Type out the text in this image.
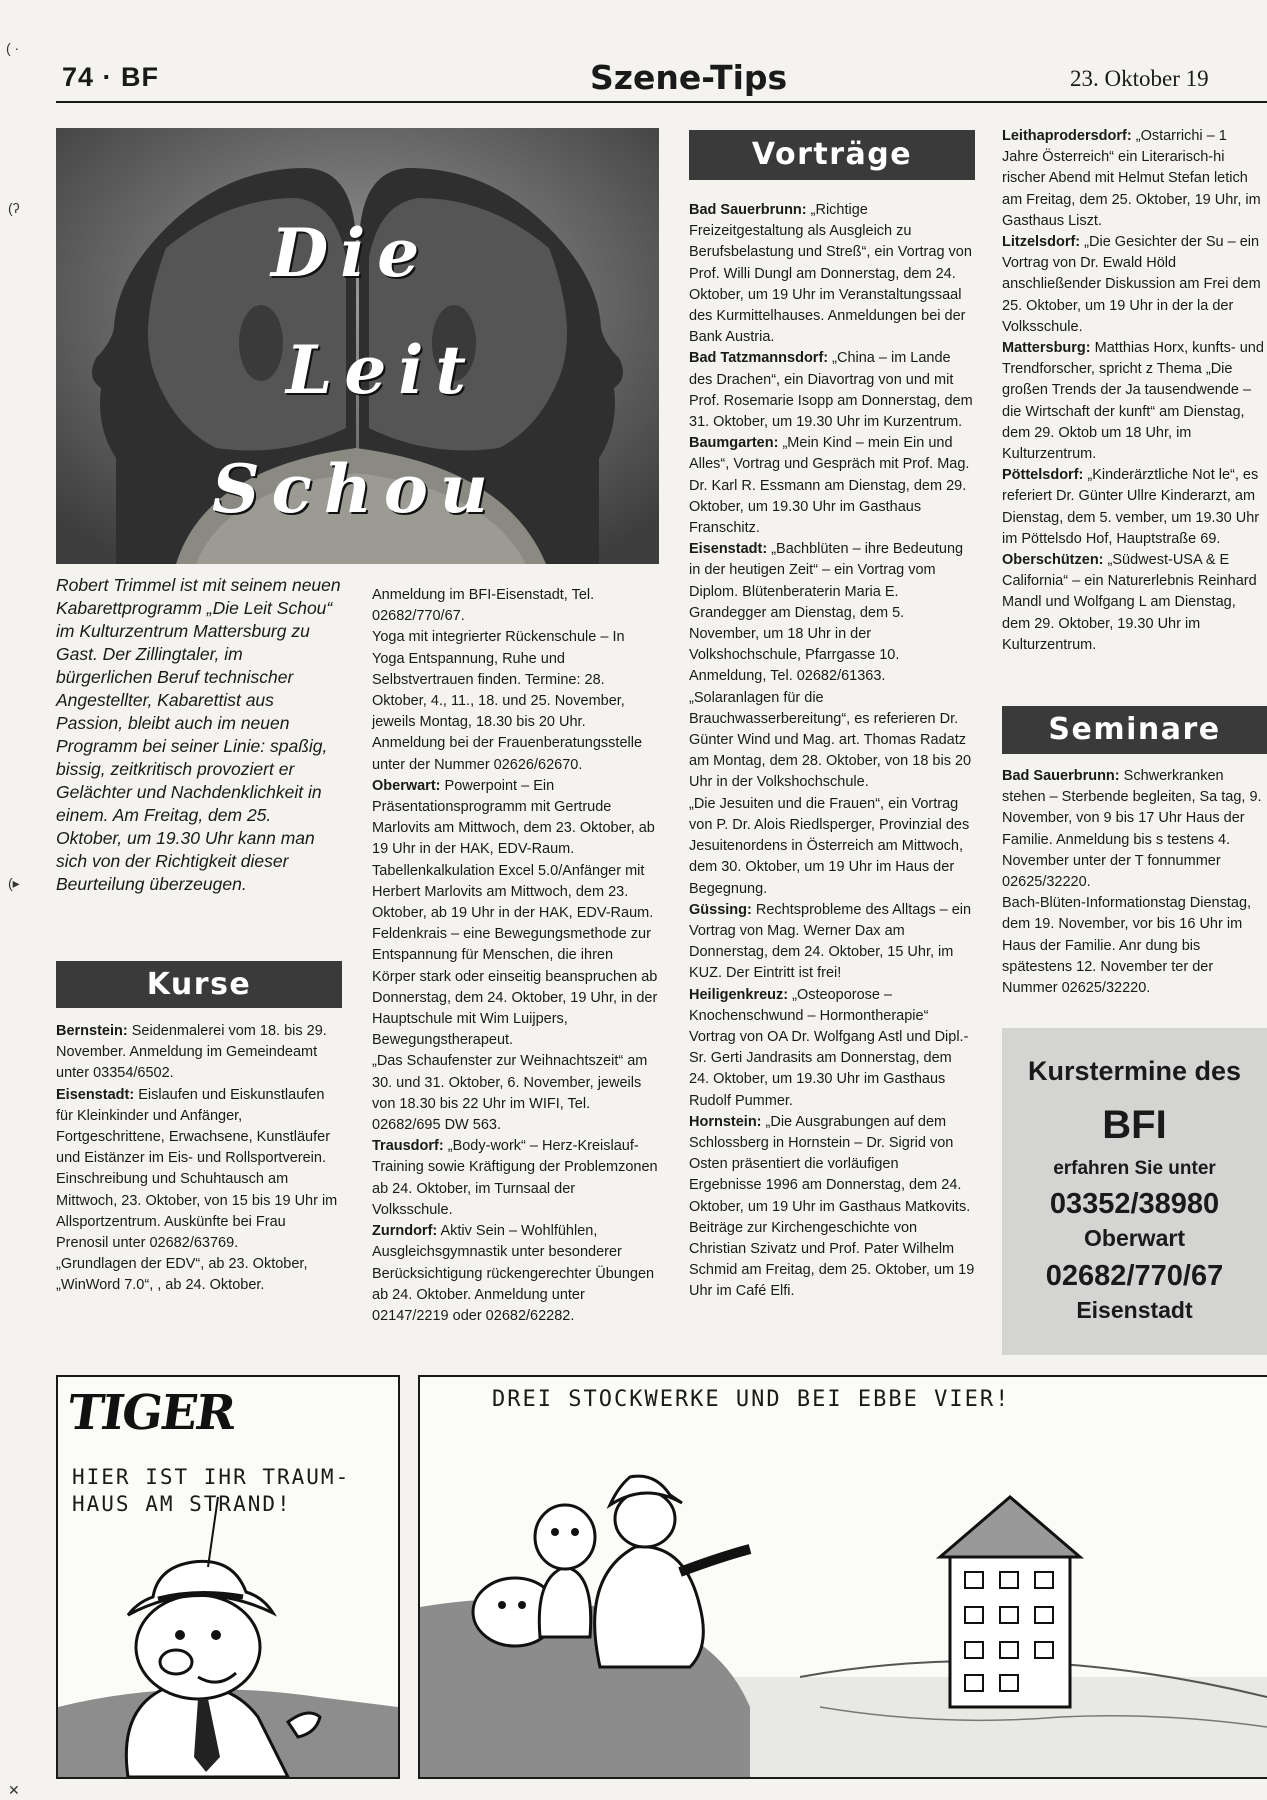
74 · BF	Szene-Tips	23. Oktober 19
Die
Leit
Schou
Robert Trimmel ist mit seinem neuen Kabarettprogramm „Die Leit Schou“ im Kulturzentrum Mattersburg zu Gast. Der Zillingtaler, im bürgerlichen Beruf technischer Angestellter, Kabarettist aus Passion, bleibt auch im neuen Programm bei seiner Linie: spaßig, bissig, zeitkritisch provoziert er Gelächter und Nachdenklichkeit in einem. Am Freitag, dem 25. Oktober, um 19.30 Uhr kann man sich von der Richtigkeit dieser Beurteilung überzeugen.
Kurse

Bernstein: Seidenmalerei vom 18. bis 29. November. Anmeldung im Gemeindeamt unter 03354/6502.

Eisenstadt: Eislaufen und Eiskunstlaufen für Kleinkinder und Anfänger, Fortgeschrittene, Erwachsene, Kunstläufer und Eistänzer im Eis- und Rollsportverein. Einschreibung und Schuhtausch am Mittwoch, 23. Oktober, von 15 bis 19 Uhr im Allsportzentrum. Auskünfte bei Frau Prenosil unter 02682/63769.

„Grundlagen der EDV“, ab 23. Oktober, „WinWord 7.0“, , ab 24. Oktober.

Anmeldung im BFI-Eisenstadt, Tel. 02682/770/67.

Yoga mit integrierter Rückenschule – In Yoga Entspannung, Ruhe und Selbstvertrauen finden. Termine: 28. Oktober, 4., 11., 18. und 25. November, jeweils Montag, 18.30 bis 20 Uhr. Anmeldung bei der Frauenberatungsstelle unter der Nummer 02626/62670.

Oberwart: Powerpoint – Ein Präsentationsprogramm mit Gertrude Marlovits am Mittwoch, dem 23. Oktober, ab 19 Uhr in der HAK, EDV-Raum.

Tabellenkalkulation Excel 5.0/Anfänger mit Herbert Marlovits am Mittwoch, dem 23. Oktober, ab 19 Uhr in der HAK, EDV-Raum.

Feldenkrais – eine Bewegungsmethode zur Entspannung für Menschen, die ihren Körper stark oder einseitig beanspruchen ab Donnerstag, dem 24. Oktober, 19 Uhr, in der Hauptschule mit Wim Luijpers, Bewegungstherapeut.

„Das Schaufenster zur Weihnachtszeit“ am 30. und 31. Oktober, 6. November, jeweils von 18.30 bis 22 Uhr im WIFI, Tel. 02682/695 DW 563.

Trausdorf: „Body-work“ – Herz-Kreislauf-Training sowie Kräftigung der Problemzonen ab 24. Oktober, im Turnsaal der Volksschule.

Zurndorf: Aktiv Sein – Wohlfühlen, Ausgleichsgymnastik unter besonderer Berücksichtigung rückengerechter Übungen ab 24. Oktober. Anmeldung unter 02147/2219 oder 02682/62282.

Vorträge

Bad Sauerbrunn: „Richtige Freizeitgestaltung als Ausgleich zu Berufsbelastung und Streß“, ein Vortrag von Prof. Willi Dungl am Donnerstag, dem 24. Oktober, um 19 Uhr im Veranstaltungssaal des Kurmittelhauses. Anmeldungen bei der Bank Austria.

Bad Tatzmannsdorf: „China – im Lande des Drachen“, ein Diavortrag von und mit Prof. Rosemarie Isopp am Donnerstag, dem 31. Oktober, um 19.30 Uhr im Kurzentrum.

Baumgarten: „Mein Kind – mein Ein und Alles“, Vortrag und Gespräch mit Prof. Mag. Dr. Karl R. Essmann am Dienstag, dem 29. Oktober, um 19.30 Uhr im Gasthaus Franschitz.

Eisenstadt: „Bachblüten – ihre Bedeutung in der heutigen Zeit“ – ein Vortrag vom Diplom. Blütenberaterin Maria E. Grandegger am Dienstag, dem 5. November, um 18 Uhr in der Volkshochschule, Pfarrgasse 10. Anmeldung, Tel. 02682/61363.

„Solaranlagen für die Brauchwasserbereitung“, es referieren Dr. Günter Wind und Mag. art. Thomas Radatz am Montag, dem 28. Oktober, von 18 bis 20 Uhr in der Volkshochschule.

„Die Jesuiten und die Frauen“, ein Vortrag von P. Dr. Alois Riedlsperger, Provinzial des Jesuitenordens in Österreich am Mittwoch, dem 30. Oktober, um 19 Uhr im Haus der Begegnung.

Güssing: Rechtsprobleme des Alltags – ein Vortrag von Mag. Werner Dax am Donnerstag, dem 24. Oktober, 15 Uhr, im KUZ. Der Eintritt ist frei!

Heiligenkreuz: „Osteoporose – Knochenschwund – Hormontherapie“ Vortrag von OA Dr. Wolfgang Astl und Dipl.-Sr. Gerti Jandrasits am Donnerstag, dem 24. Oktober, um 19.30 Uhr im Gasthaus Rudolf Pummer.

Hornstein: „Die Ausgrabungen auf dem Schlossberg in Hornstein – Dr. Sigrid von Osten präsentiert die vorläufigen Ergebnisse 1996 am Donnerstag, dem 24. Oktober, um 19 Uhr im Gasthaus Matkovits.

Beiträge zur Kirchengeschichte von Christian Szivatz und Prof. Pater Wilhelm Schmid am Freitag, dem 25. Oktober, um 19 Uhr im Café Elfi.

Leithaprodersdorf: „Ostarrichi – 1 Jahre Österreich“ ein Literarisch-hi rischer Abend mit Helmut Stefan letich am Freitag, dem 25. Oktober, 19 Uhr, im Gasthaus Liszt.

Litzelsdorf: „Die Gesichter der Su – ein Vortrag von Dr. Ewald Höld anschließender Diskussion am Frei dem 25. Oktober, um 19 Uhr in der la der Volksschule.

Mattersburg: Matthias Horx, kunfts- und Trendforscher, spricht z Thema „Die großen Trends der Ja tausendwende – die Wirtschaft der kunft“ am Dienstag, dem 29. Oktob um 18 Uhr, im Kulturzentrum.

Pöttelsdorf: „Kinderärztliche Not le“, es referiert Dr. Günter Ullre Kinderarzt, am Dienstag, dem 5. vember, um 19.30 Uhr im Pöttelsdo Hof, Hauptstraße 69.

Oberschützen: „Südwest-USA & E California“ – ein Naturerlebnis Reinhard Mandl und Wolfgang L am Dienstag, dem 29. Oktober, 19.30 Uhr im Kulturzentrum.

Seminare

Bad Sauerbrunn: Schwerkranken stehen – Sterbende begleiten, Sa tag, 9. November, von 9 bis 17 Uhr Haus der Familie. Anmeldung bis s testens 4. November unter der T fonnummer 02625/32220.

Bach-Blüten-Informationstag Dienstag, dem 19. November, vor bis 16 Uhr im Haus der Familie. Anr dung bis spätestens 12. November ter der Nummer 02625/32220.

Kurstermine des
BFI
erfahren Sie unter
03352/38980
Oberwart
02682/770/67
Eisenstadt
TIGER
HIER IST IHR TRAUM-
HAUS AM STRAND!
DREI STOCKWERKE UND BEI EBBE VIER!
( ·
(ʔ
(▸
✕
